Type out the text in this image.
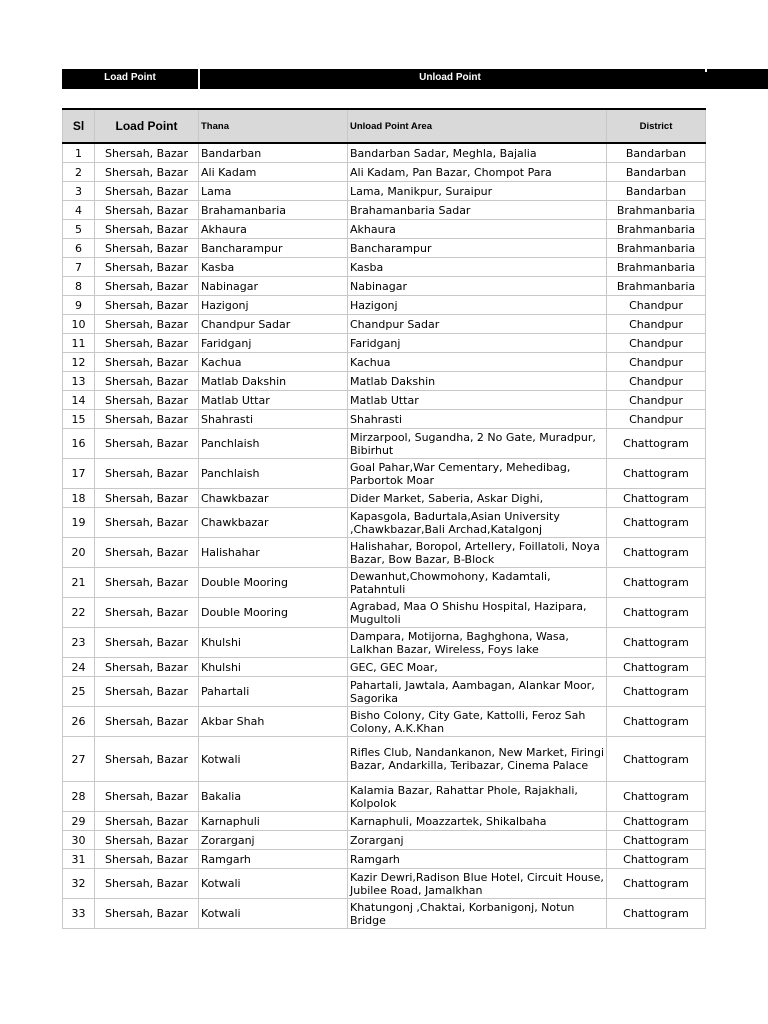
Load Point	Unload Point
Sl	Load Point	Thana	Unload Point Area	District
1	Shersah, Bazar	Bandarban	Bandarban Sadar, Meghla, Bajalia	Bandarban
2	Shersah, Bazar	Ali Kadam	Ali Kadam, Pan Bazar, Chompot Para	Bandarban
3	Shersah, Bazar	Lama	Lama, Manikpur, Suraipur	Bandarban
4	Shersah, Bazar	Brahamanbaria	Brahamanbaria Sadar	Brahmanbaria
5	Shersah, Bazar	Akhaura	Akhaura	Brahmanbaria
6	Shersah, Bazar	Bancharampur	Bancharampur	Brahmanbaria
7	Shersah, Bazar	Kasba	Kasba	Brahmanbaria
8	Shersah, Bazar	Nabinagar	Nabinagar	Brahmanbaria
9	Shersah, Bazar	Hazigonj	Hazigonj	Chandpur
10	Shersah, Bazar	Chandpur Sadar	Chandpur Sadar	Chandpur
11	Shersah, Bazar	Faridganj	Faridganj	Chandpur
12	Shersah, Bazar	Kachua	Kachua	Chandpur
13	Shersah, Bazar	Matlab Dakshin	Matlab Dakshin	Chandpur
14	Shersah, Bazar	Matlab Uttar	Matlab Uttar	Chandpur
15	Shersah, Bazar	Shahrasti	Shahrasti	Chandpur
16	Shersah, Bazar	Panchlaish	Mirzarpool, Sugandha, 2 No Gate, Muradpur, Bibirhut	Chattogram
17	Shersah, Bazar	Panchlaish	Goal Pahar,War Cementary, Mehedibag, Parbortok Moar	Chattogram
18	Shersah, Bazar	Chawkbazar	Dider Market, Saberia, Askar Dighi,	Chattogram
19	Shersah, Bazar	Chawkbazar	Kapasgola, Badurtala,Asian University ,Chawkbazar,Bali Archad,Katalgonj	Chattogram
20	Shersah, Bazar	Halishahar	Halishahar, Boropol, Artellery, Foillatoli, Noya Bazar, Bow Bazar, B-Block	Chattogram
21	Shersah, Bazar	Double Mooring	Dewanhut,Chowmohony, Kadamtali, Patahntuli	Chattogram
22	Shersah, Bazar	Double Mooring	Agrabad, Maa O Shishu Hospital, Hazipara, Mugultoli	Chattogram
23	Shersah, Bazar	Khulshi	Dampara, Motijorna, Baghghona, Wasa, Lalkhan Bazar, Wireless, Foys lake	Chattogram
24	Shersah, Bazar	Khulshi	GEC, GEC Moar,	Chattogram
25	Shersah, Bazar	Pahartali	Pahartali, Jawtala, Aambagan, Alankar Moor, Sagorika	Chattogram
26	Shersah, Bazar	Akbar Shah	Bisho Colony, City Gate, Kattolli, Feroz Sah Colony, A.K.Khan	Chattogram
27	Shersah, Bazar	Kotwali	Rifles Club, Nandankanon, New Market, Firingi Bazar, Andarkilla, Teribazar, Cinema Palace	Chattogram
28	Shersah, Bazar	Bakalia	Kalamia Bazar, Rahattar Phole, Rajakhali, Kolpolok	Chattogram
29	Shersah, Bazar	Karnaphuli	Karnaphuli, Moazzartek, Shikalbaha	Chattogram
30	Shersah, Bazar	Zorarganj	Zorarganj	Chattogram
31	Shersah, Bazar	Ramgarh	Ramgarh	Chattogram
32	Shersah, Bazar	Kotwali	Kazir Dewri,Radison Blue Hotel, Circuit House, Jubilee Road, Jamalkhan	Chattogram
33	Shersah, Bazar	Kotwali	Khatungonj ,Chaktai, Korbanigonj, Notun Bridge	Chattogram
